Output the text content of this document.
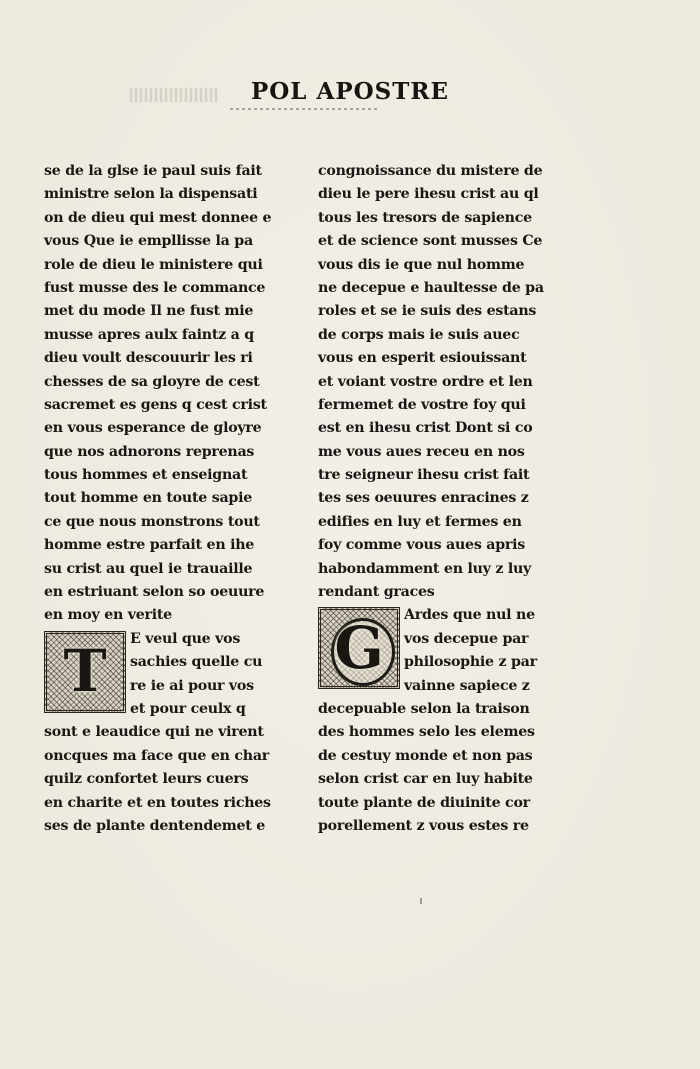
POL APOSTRE
se de la glse ie paul suis fait
ministre selon la dispensati
on de dieu qui mest donnee e
vous Que ie empllisse la pa
role de dieu le ministere qui
fust musse des le commance
met du mode Il ne fust mie
musse apres aulx faintz a q
dieu voult descouurir les ri
chesses de sa gloyre de cest
sacremet es gens q cest crist
en vous esperance de gloyre
que nos adnorons reprenas
tous hommes et enseignat
tout homme en toute sapie
ce que nous monstrons tout
homme estre parfait en ihe
su crist au quel ie trauaille
en estriuant selon so oeuure
en moy en verite
T	E veul que vos
sachies quelle cu
re ie ai pour vos
et pour ceulx q
sont e leaudice qui ne virent
oncques ma face que en char
quilz confortet leurs cuers
en charite et en toutes riches
ses de plante dentendemet e
congnoissance du mistere de
dieu le pere ihesu crist au ql
tous les tresors de sapience
et de science sont musses Ce
vous dis ie que nul homme
ne decepue e haultesse de pa
roles et se ie suis des estans
de corps mais ie suis auec
vous en esperit esiouissant
et voiant vostre ordre et len
fermemet de vostre foy qui
est en ihesu crist Dont si co
me vous aues receu en nos
tre seigneur ihesu crist fait
tes ses oeuures enracines z
edifies en luy et fermes en
foy comme vous aues apris
habondamment en luy z luy
rendant graces
G	Ardes que nul ne
vos decepue par
philosophie z par
vainne sapiece z
decepuable selon la traison
des hommes selo les elemes
de cestuy monde et non pas
selon crist car en luy habite
toute plante de diuinite cor
porellement z vous estes re
